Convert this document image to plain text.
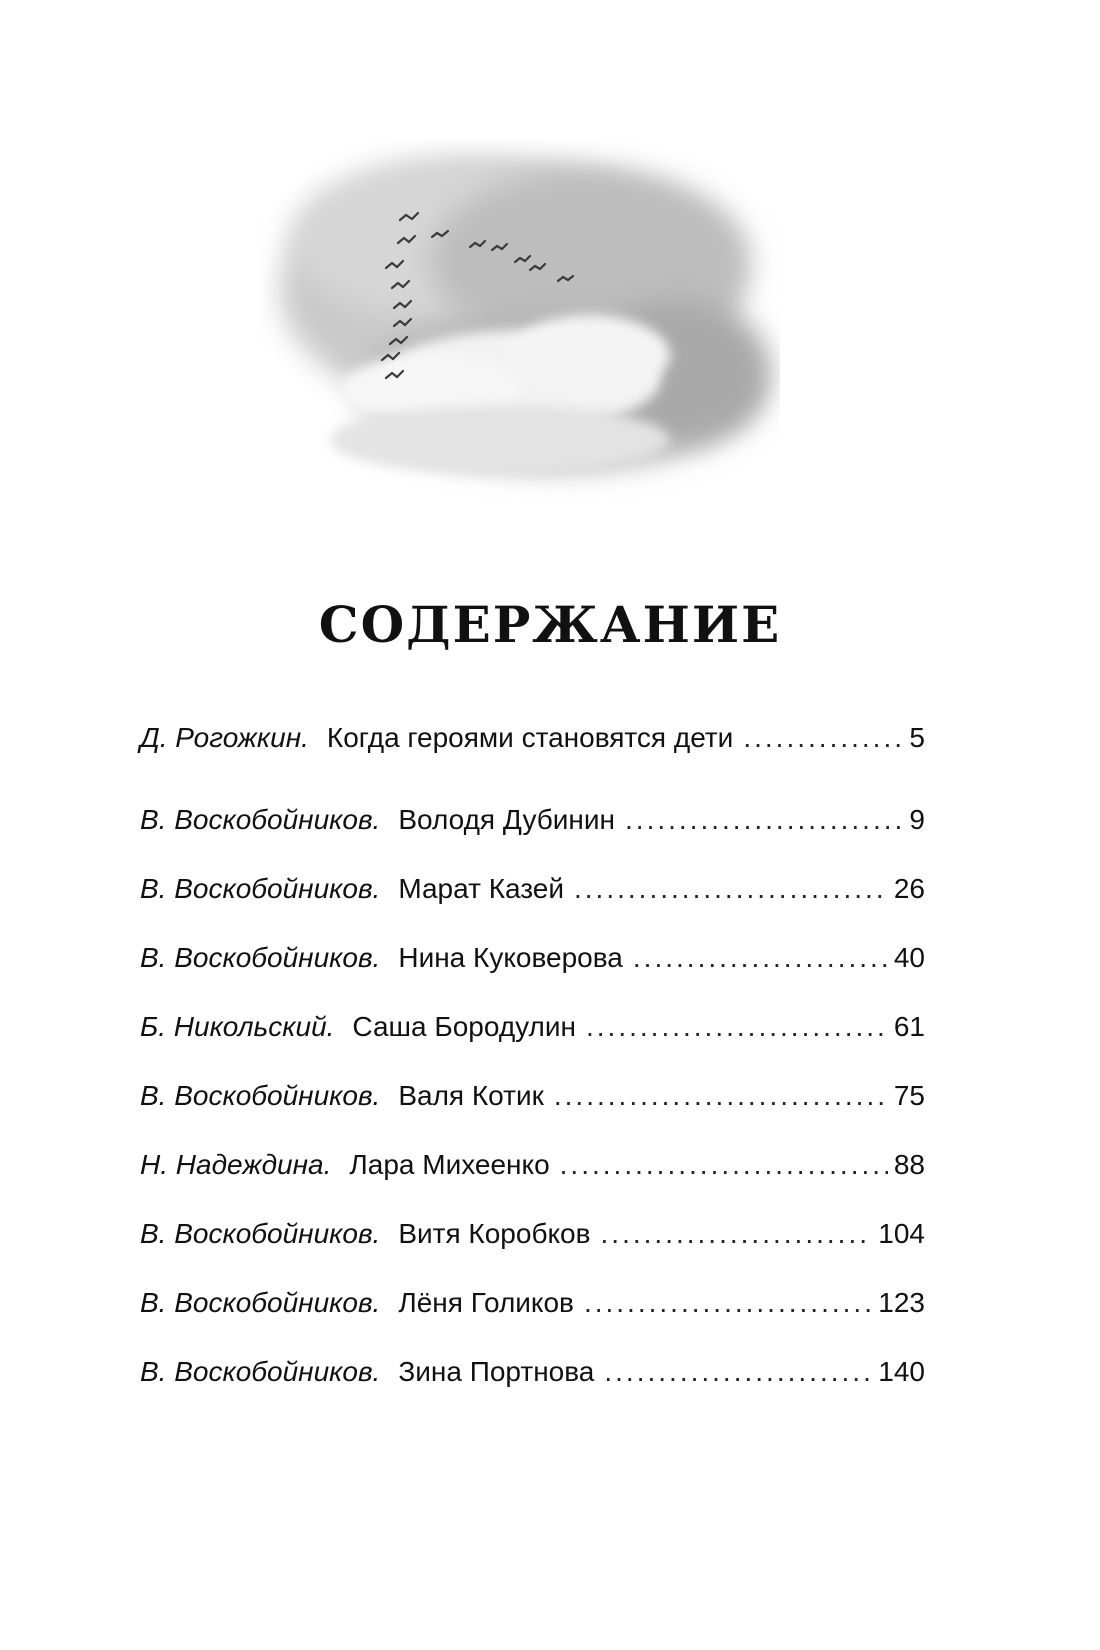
СОДЕРЖАНИЕ
Д. Рогожкин. Когда героями становятся дети .....	5
В. Воскобойников. Володя Дубинин .....	9
В. Воскобойников. Марат Казей .....	26
В. Воскобойников. Нина Куковерова .....	40
Б. Никольский. Саша Бородулин .....	61
В. Воскобойников. Валя Котик .....	75
Н. Надеждина. Лара Михеенко .....	88
В. Воскобойников. Витя Коробков .....	104
В. Воскобойников. Лёня Голиков .....	123
В. Воскобойников. Зина Портнова .....	140
